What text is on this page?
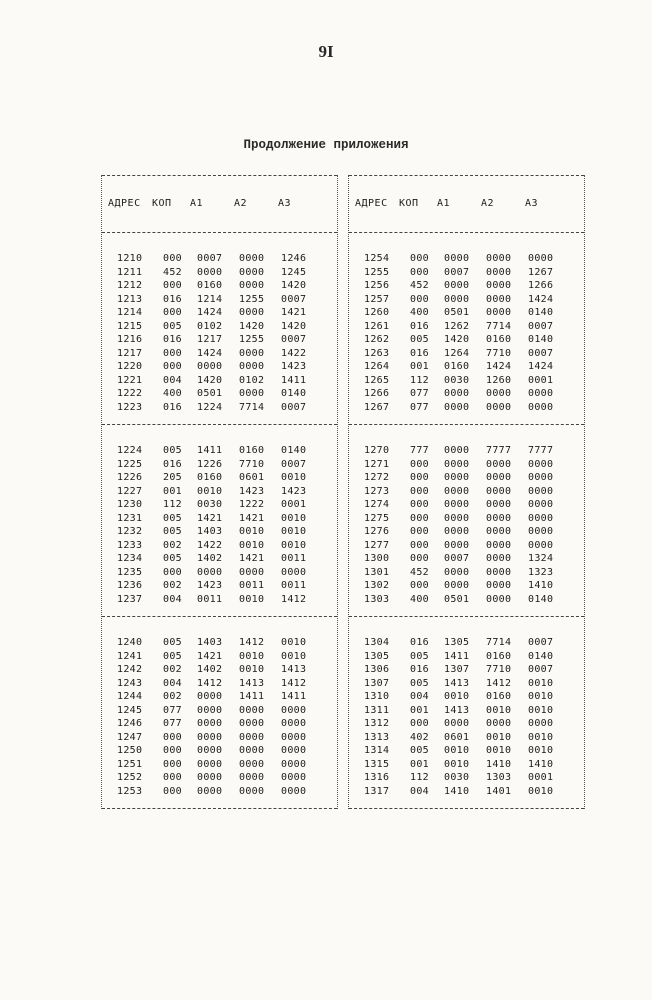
9I
Продолжение приложения
АДРЕС	КОП	А1	А2	А3
1210	000	0007	0000	1246
1211	452	0000	0000	1245
1212	000	0160	0000	1420
1213	016	1214	1255	0007
1214	000	1424	0000	1421
1215	005	0102	1420	1420
1216	016	1217	1255	0007
1217	000	1424	0000	1422
1220	000	0000	0000	1423
1221	004	1420	0102	1411
1222	400	0501	0000	0140
1223	016	1224	7714	0007
1224	005	1411	0160	0140
1225	016	1226	7710	0007
1226	205	0160	0601	0010
1227	001	0010	1423	1423
1230	112	0030	1222	0001
1231	005	1421	1421	0010
1232	005	1403	0010	0010
1233	002	1422	0010	0010
1234	005	1402	1421	0011
1235	000	0000	0000	0000
1236	002	1423	0011	0011
1237	004	0011	0010	1412
1240	005	1403	1412	0010
1241	005	1421	0010	0010
1242	002	1402	0010	1413
1243	004	1412	1413	1412
1244	002	0000	1411	1411
1245	077	0000	0000	0000
1246	077	0000	0000	0000
1247	000	0000	0000	0000
1250	000	0000	0000	0000
1251	000	0000	0000	0000
1252	000	0000	0000	0000
1253	000	0000	0000	0000
АДРЕС	КОП	А1	А2	А3
1254	000	0000	0000	0000
1255	000	0007	0000	1267
1256	452	0000	0000	1266
1257	000	0000	0000	1424
1260	400	0501	0000	0140
1261	016	1262	7714	0007
1262	005	1420	0160	0140
1263	016	1264	7710	0007
1264	001	0160	1424	1424
1265	112	0030	1260	0001
1266	077	0000	0000	0000
1267	077	0000	0000	0000
1270	777	0000	7777	7777
1271	000	0000	0000	0000
1272	000	0000	0000	0000
1273	000	0000	0000	0000
1274	000	0000	0000	0000
1275	000	0000	0000	0000
1276	000	0000	0000	0000
1277	000	0000	0000	0000
1300	000	0007	0000	1324
1301	452	0000	0000	1323
1302	000	0000	0000	1410
1303	400	0501	0000	0140
1304	016	1305	7714	0007
1305	005	1411	0160	0140
1306	016	1307	7710	0007
1307	005	1413	1412	0010
1310	004	0010	0160	0010
1311	001	1413	0010	0010
1312	000	0000	0000	0000
1313	402	0601	0010	0010
1314	005	0010	0010	0010
1315	001	0010	1410	1410
1316	112	0030	1303	0001
1317	004	1410	1401	0010
